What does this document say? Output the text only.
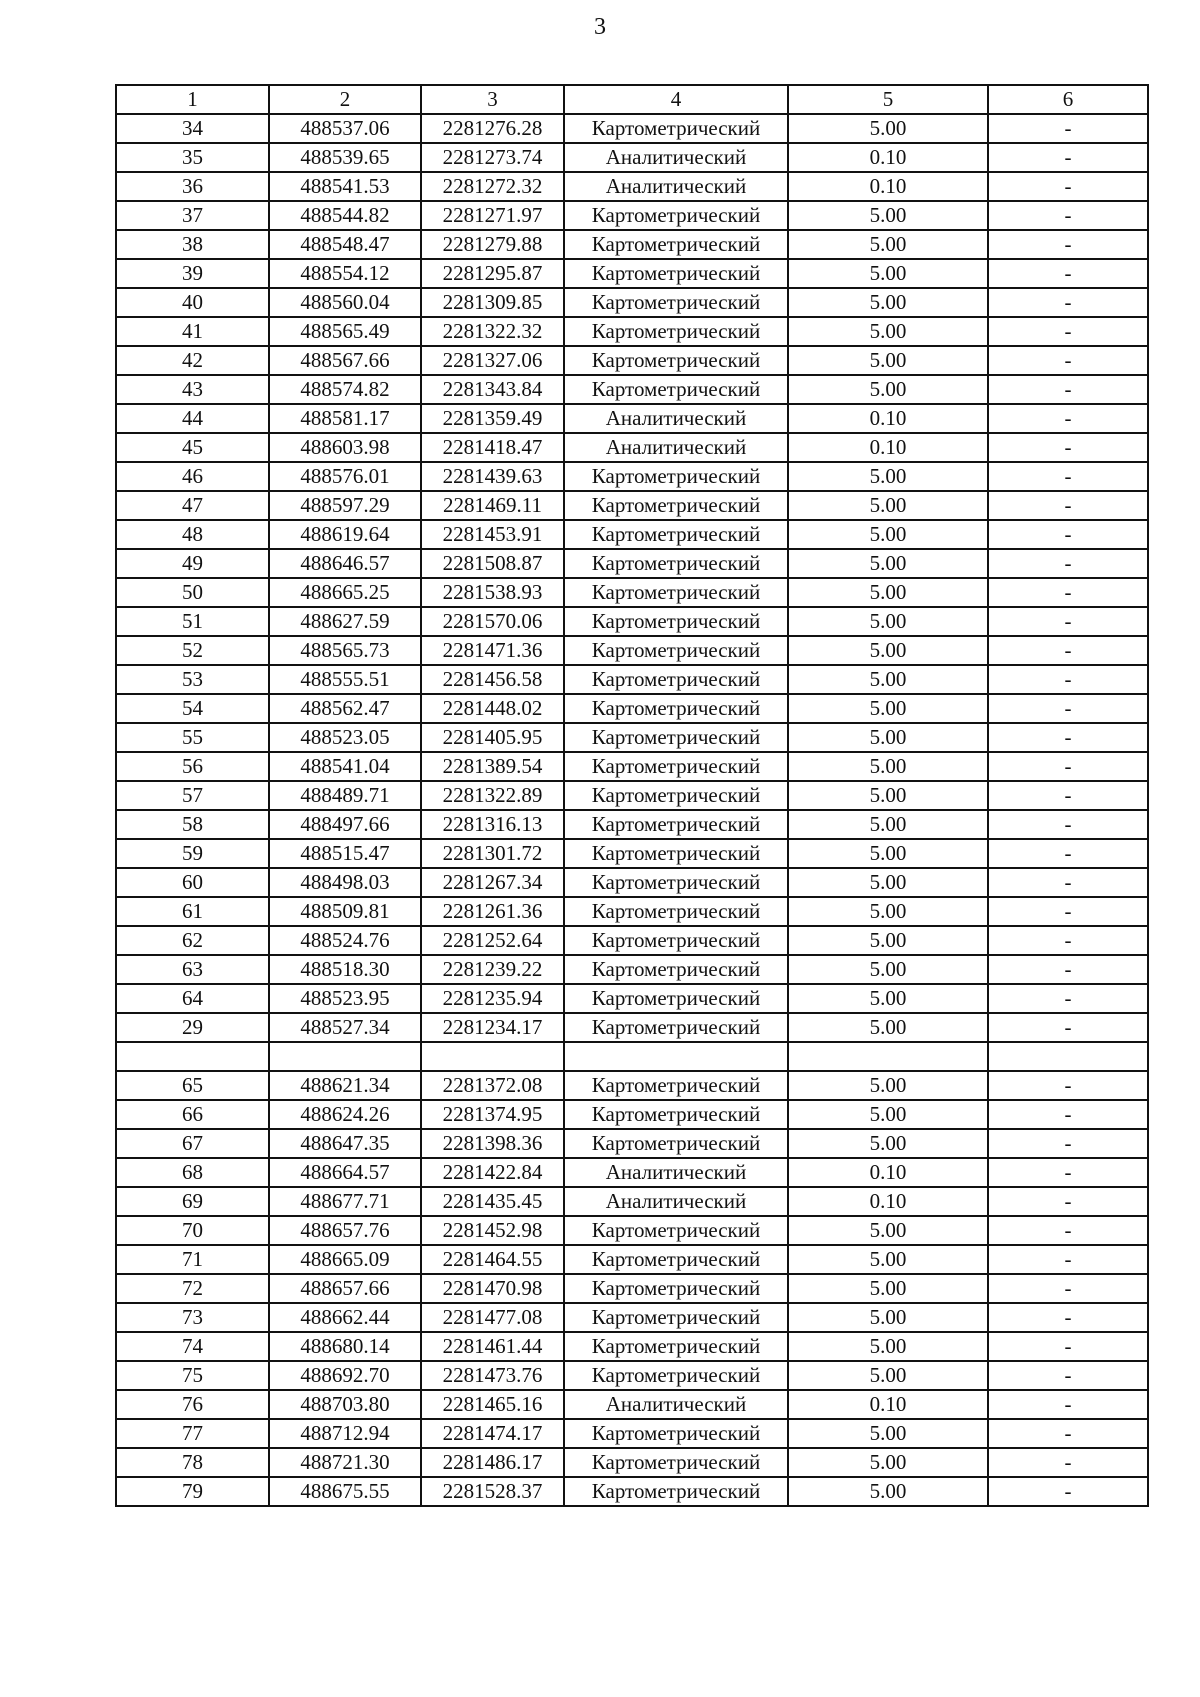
3
1	2	3	4	5	6
34	488537.06	2281276.28	Картометрический	5.00	-
35	488539.65	2281273.74	Аналитический	0.10	-
36	488541.53	2281272.32	Аналитический	0.10	-
37	488544.82	2281271.97	Картометрический	5.00	-
38	488548.47	2281279.88	Картометрический	5.00	-
39	488554.12	2281295.87	Картометрический	5.00	-
40	488560.04	2281309.85	Картометрический	5.00	-
41	488565.49	2281322.32	Картометрический	5.00	-
42	488567.66	2281327.06	Картометрический	5.00	-
43	488574.82	2281343.84	Картометрический	5.00	-
44	488581.17	2281359.49	Аналитический	0.10	-
45	488603.98	2281418.47	Аналитический	0.10	-
46	488576.01	2281439.63	Картометрический	5.00	-
47	488597.29	2281469.11	Картометрический	5.00	-
48	488619.64	2281453.91	Картометрический	5.00	-
49	488646.57	2281508.87	Картометрический	5.00	-
50	488665.25	2281538.93	Картометрический	5.00	-
51	488627.59	2281570.06	Картометрический	5.00	-
52	488565.73	2281471.36	Картометрический	5.00	-
53	488555.51	2281456.58	Картометрический	5.00	-
54	488562.47	2281448.02	Картометрический	5.00	-
55	488523.05	2281405.95	Картометрический	5.00	-
56	488541.04	2281389.54	Картометрический	5.00	-
57	488489.71	2281322.89	Картометрический	5.00	-
58	488497.66	2281316.13	Картометрический	5.00	-
59	488515.47	2281301.72	Картометрический	5.00	-
60	488498.03	2281267.34	Картометрический	5.00	-
61	488509.81	2281261.36	Картометрический	5.00	-
62	488524.76	2281252.64	Картометрический	5.00	-
63	488518.30	2281239.22	Картометрический	5.00	-
64	488523.95	2281235.94	Картометрический	5.00	-
29	488527.34	2281234.17	Картометрический	5.00	-

65	488621.34	2281372.08	Картометрический	5.00	-
66	488624.26	2281374.95	Картометрический	5.00	-
67	488647.35	2281398.36	Картометрический	5.00	-
68	488664.57	2281422.84	Аналитический	0.10	-
69	488677.71	2281435.45	Аналитический	0.10	-
70	488657.76	2281452.98	Картометрический	5.00	-
71	488665.09	2281464.55	Картометрический	5.00	-
72	488657.66	2281470.98	Картометрический	5.00	-
73	488662.44	2281477.08	Картометрический	5.00	-
74	488680.14	2281461.44	Картометрический	5.00	-
75	488692.70	2281473.76	Картометрический	5.00	-
76	488703.80	2281465.16	Аналитический	0.10	-
77	488712.94	2281474.17	Картометрический	5.00	-
78	488721.30	2281486.17	Картометрический	5.00	-
79	488675.55	2281528.37	Картометрический	5.00	-
